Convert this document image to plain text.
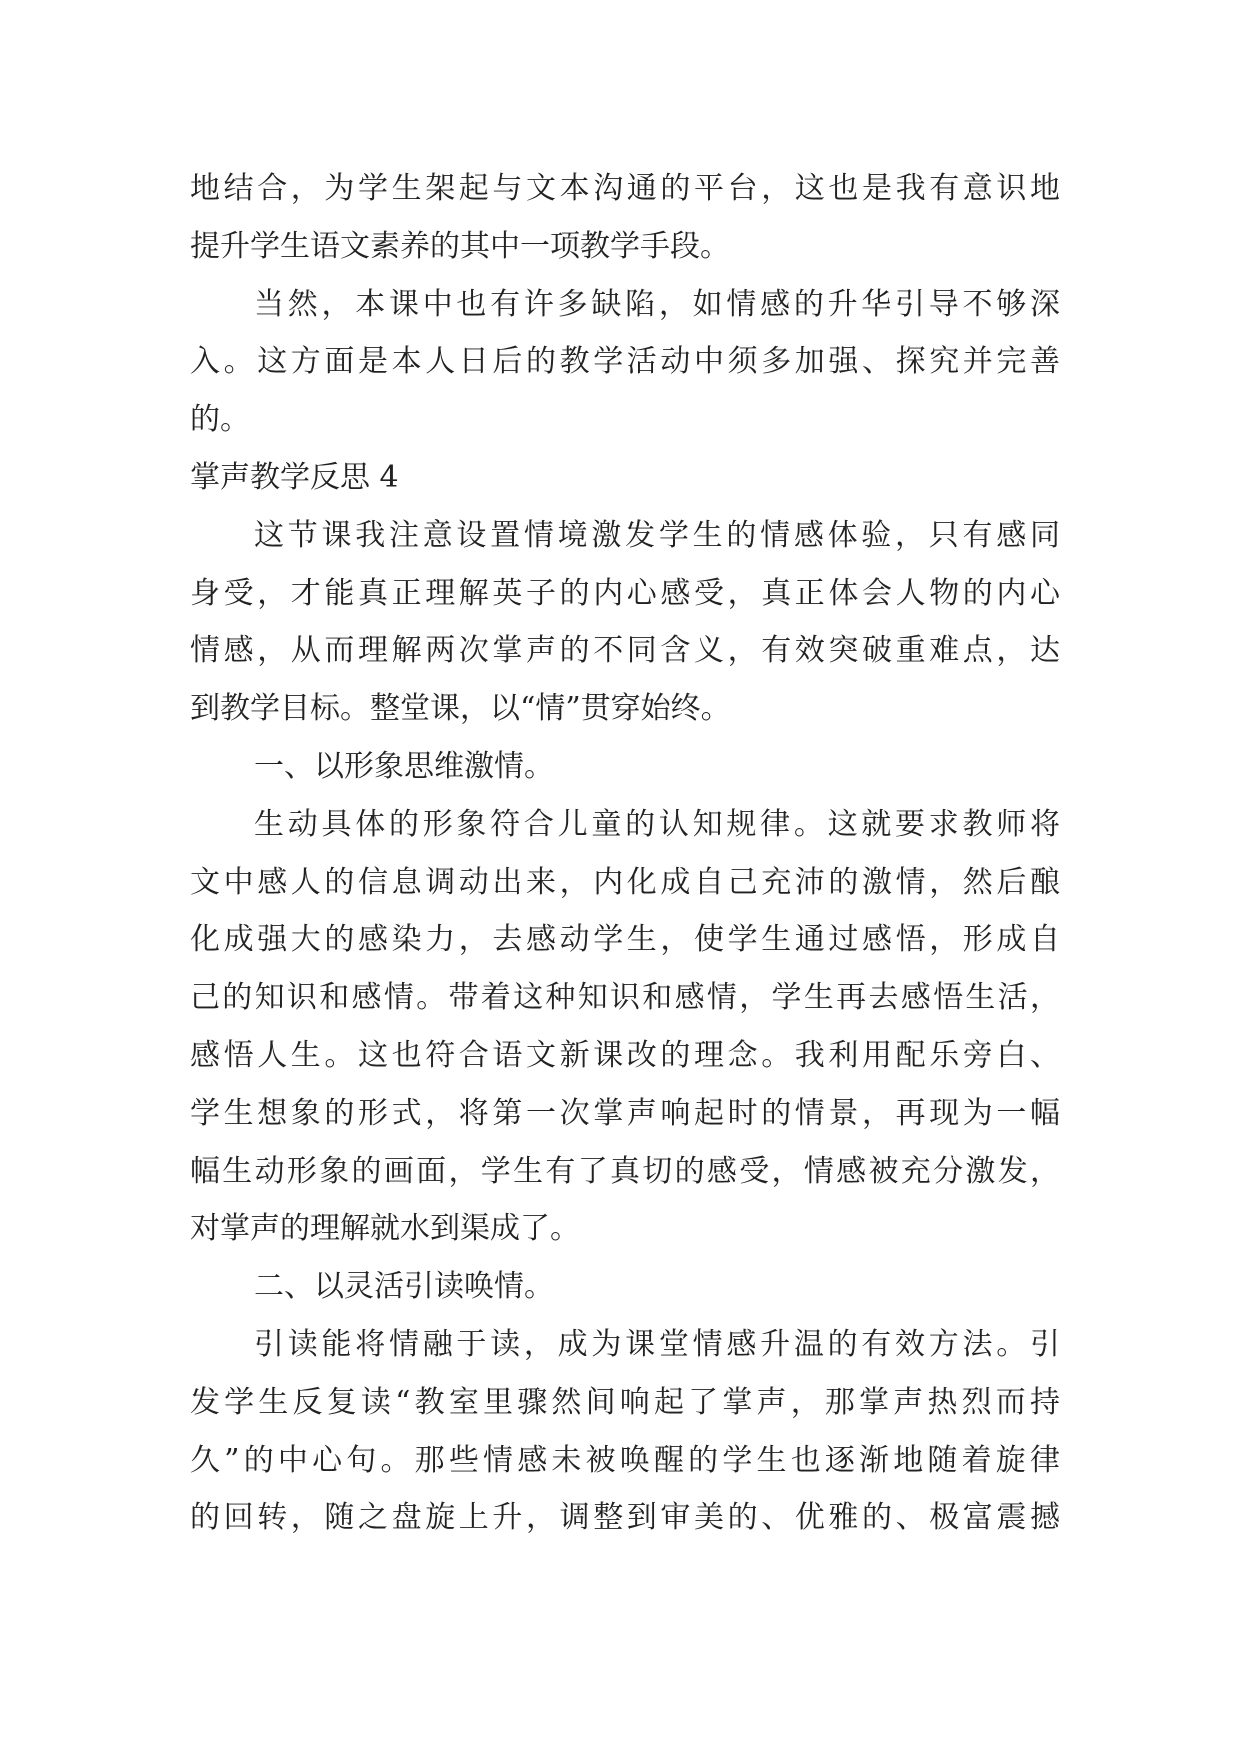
地结合，为学生架起与文本沟通的平台，这也是我有意识地
提升学生语文素养的其中一项教学手段。
当然，本课中也有许多缺陷，如情感的升华引导不够深
入。这方面是本人日后的教学活动中须多加强、探究并完善
的。
掌声教学反思 4
这节课我注意设置情境激发学生的情感体验，只有感同
身受，才能真正理解英子的内心感受，真正体会人物的内心
情感，从而理解两次掌声的不同含义，有效突破重难点，达
到教学目标。整堂课，以“情”贯穿始终。
一、以形象思维激情。
生动具体的形象符合儿童的认知规律。这就要求教师将
文中感人的信息调动出来，内化成自己充沛的激情，然后酿
化成强大的感染力，去感动学生，使学生通过感悟，形成自
己的知识和感情。带着这种知识和感情，学生再去感悟生活，
感悟人生。这也符合语文新课改的理念。我利用配乐旁白、
学生想象的形式，将第一次掌声响起时的情景，再现为一幅
幅生动形象的画面，学生有了真切的感受，情感被充分激发，
对掌声的理解就水到渠成了。
二、以灵活引读唤情。
引读能将情融于读，成为课堂情感升温的有效方法。引
发学生反复读“教室里骤然间响起了掌声，那掌声热烈而持
久”的中心句。那些情感未被唤醒的学生也逐渐地随着旋律
的回转，随之盘旋上升，调整到审美的、优雅的、极富震撼
